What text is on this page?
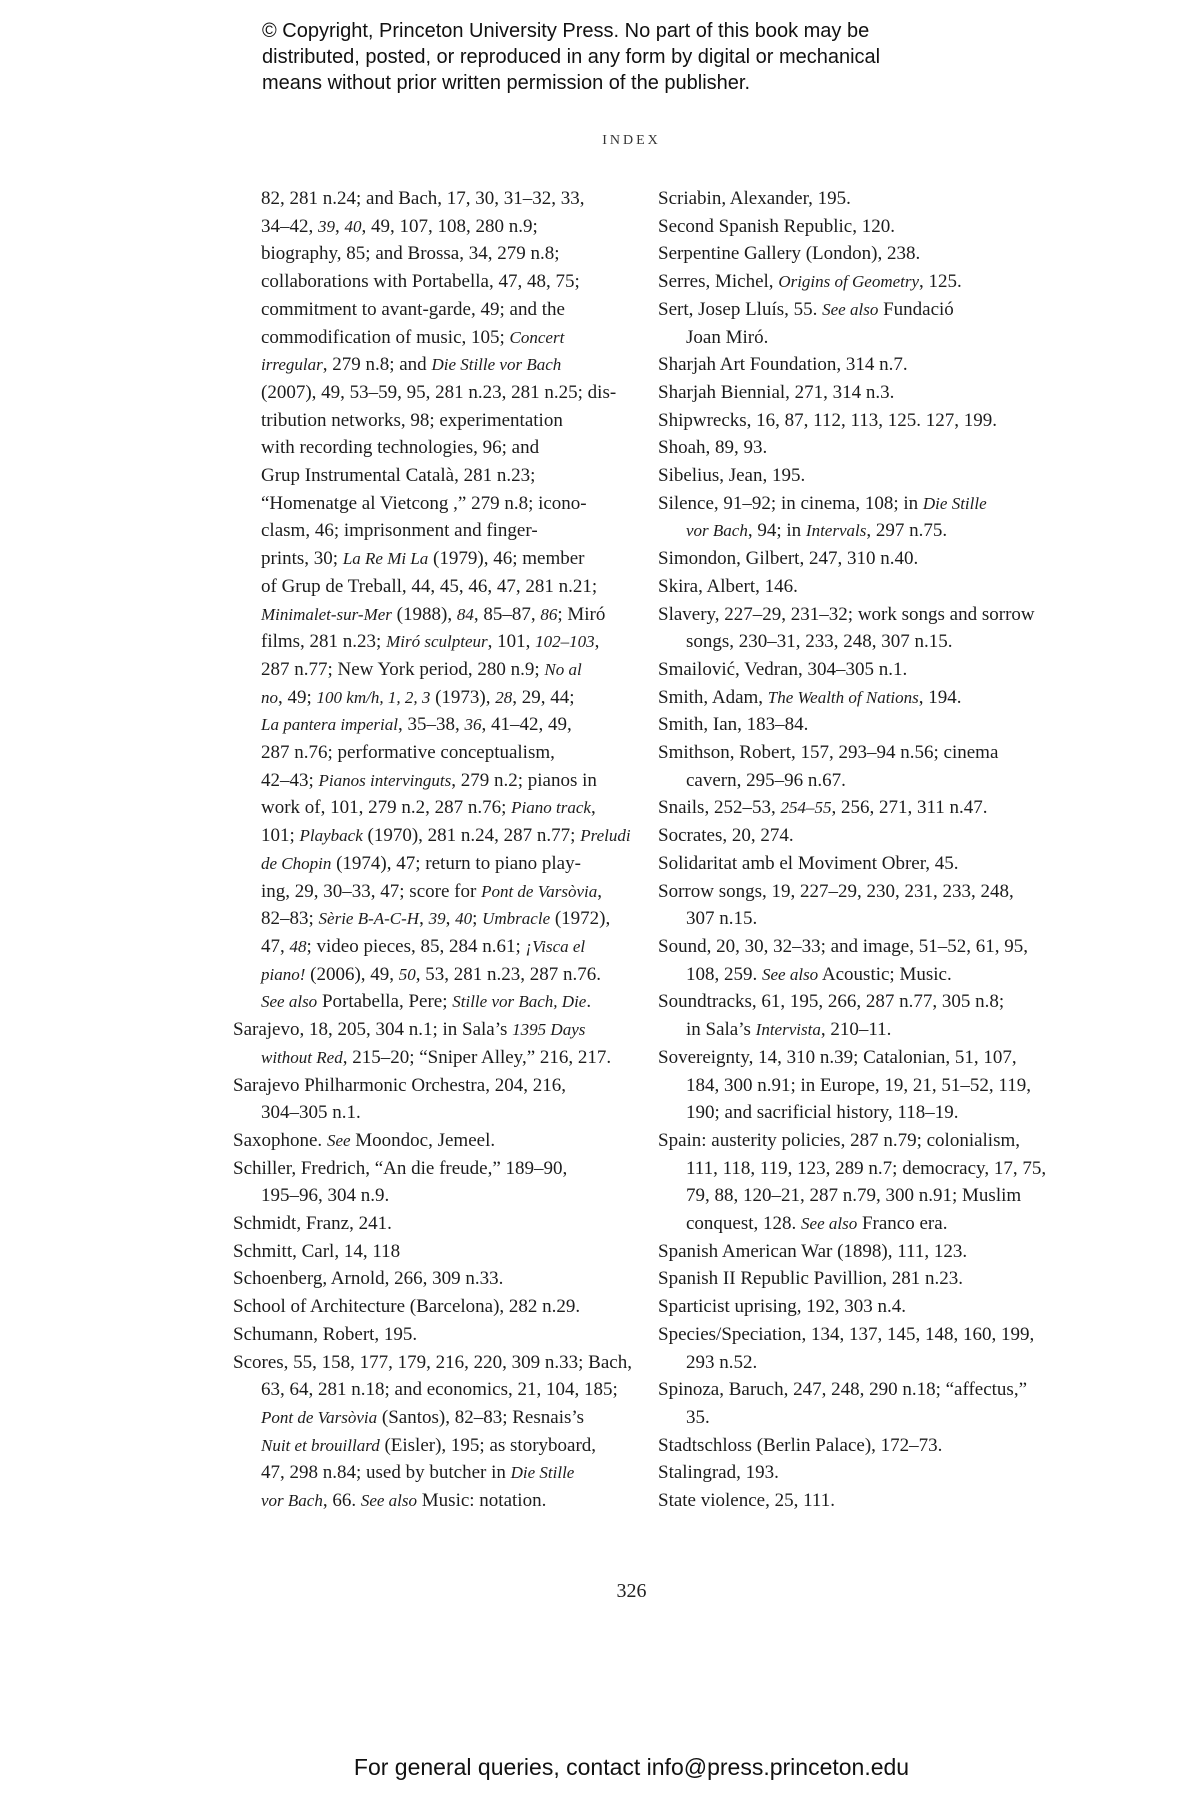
© Copyright, Princeton University Press. No part of this book may be
distributed, posted, or reproduced in any form by digital or mechanical
means without prior written permission of the publisher.
INDEX
82, 281 n.24; and Bach, 17, 30, 31–32, 33,
34–42, 39, 40, 49, 107, 108, 280 n.9;
biography, 85; and Brossa, 34, 279 n.8;
collaborations with Portabella, 47, 48, 75;
commitment to avant-garde, 49; and the
commodification of music, 105; Concert
irregular, 279 n.8; and Die Stille vor Bach
(2007), 49, 53–59, 95, 281 n.23, 281 n.25; dis-
tribution networks, 98; experimentation
with recording technologies, 96; and
Grup Instrumental Català, 281 n.23;
“Homenatge al Vietcong ,” 279 n.8; icono-
clasm, 46; imprisonment and finger-
prints, 30; La Re Mi La (1979), 46; member
of Grup de Treball, 44, 45, 46, 47, 281 n.21;
Minimalet-sur-Mer (1988), 84, 85–87, 86; Miró
films, 281 n.23; Miró sculpteur, 101, 102–103,
287 n.77; New York period, 280 n.9; No al
no, 49; 100 km/h, 1, 2, 3 (1973), 28, 29, 44;
La pantera imperial, 35–38, 36, 41–42, 49,
287 n.76; performative conceptualism,
42–43; Pianos intervinguts, 279 n.2; pianos in
work of, 101, 279 n.2, 287 n.76; Piano track,
101; Playback (1970), 281 n.24, 287 n.77; Preludi
de Chopin (1974), 47; return to piano play-
ing, 29, 30–33, 47; score for Pont de Varsòvia,
82–83; Sèrie B-A-C-H, 39, 40; Umbracle (1972),
47, 48; video pieces, 85, 284 n.61; ¡Visca el
piano! (2006), 49, 50, 53, 281 n.23, 287 n.76.
See also Portabella, Pere; Stille vor Bach, Die.
Sarajevo, 18, 205, 304 n.1; in Sala’s 1395 Days
without Red, 215–20; “Sniper Alley,” 216, 217.
Sarajevo Philharmonic Orchestra, 204, 216,
304–305 n.1.
Saxophone. See Moondoc, Jemeel.
Schiller, Fredrich, “An die freude,” 189–90,
195–96, 304 n.9.
Schmidt, Franz, 241.
Schmitt, Carl, 14, 118
Schoenberg, Arnold, 266, 309 n.33.
School of Architecture (Barcelona), 282 n.29.
Schumann, Robert, 195.
Scores, 55, 158, 177, 179, 216, 220, 309 n.33; Bach,
63, 64, 281 n.18; and economics, 21, 104, 185;
Pont de Varsòvia (Santos), 82–83; Resnais’s
Nuit et brouillard (Eisler), 195; as storyboard,
47, 298 n.84; used by butcher in Die Stille
vor Bach, 66. See also Music: notation.
Scriabin, Alexander, 195.
Second Spanish Republic, 120.
Serpentine Gallery (London), 238.
Serres, Michel, Origins of Geometry, 125.
Sert, Josep Lluís, 55. See also Fundació
Joan Miró.
Sharjah Art Foundation, 314 n.7.
Sharjah Biennial, 271, 314 n.3.
Shipwrecks, 16, 87, 112, 113, 125. 127, 199.
Shoah, 89, 93.
Sibelius, Jean, 195.
Silence, 91–92; in cinema, 108; in Die Stille
vor Bach, 94; in Intervals, 297 n.75.
Simondon, Gilbert, 247, 310 n.40.
Skira, Albert, 146.
Slavery, 227–29, 231–32; work songs and sorrow
songs, 230–31, 233, 248, 307 n.15.
Smailović, Vedran, 304–305 n.1.
Smith, Adam, The Wealth of Nations, 194.
Smith, Ian, 183–84.
Smithson, Robert, 157, 293–94 n.56; cinema
cavern, 295–96 n.67.
Snails, 252–53, 254–55, 256, 271, 311 n.47.
Socrates, 20, 274.
Solidaritat amb el Moviment Obrer, 45.
Sorrow songs, 19, 227–29, 230, 231, 233, 248,
307 n.15.
Sound, 20, 30, 32–33; and image, 51–52, 61, 95,
108, 259. See also Acoustic; Music.
Soundtracks, 61, 195, 266, 287 n.77, 305 n.8;
in Sala’s Intervista, 210–11.
Sovereignty, 14, 310 n.39; Catalonian, 51, 107,
184, 300 n.91; in Europe, 19, 21, 51–52, 119,
190; and sacrificial history, 118–19.
Spain: austerity policies, 287 n.79; colonialism,
111, 118, 119, 123, 289 n.7; democracy, 17, 75,
79, 88, 120–21, 287 n.79, 300 n.91; Muslim
conquest, 128. See also Franco era.
Spanish American War (1898), 111, 123.
Spanish II Republic Pavillion, 281 n.23.
Sparticist uprising, 192, 303 n.4.
Species/Speciation, 134, 137, 145, 148, 160, 199,
293 n.52.
Spinoza, Baruch, 247, 248, 290 n.18; “affectus,”
35.
Stadtschloss (Berlin Palace), 172–73.
Stalingrad, 193.
State violence, 25, 111.
326
For general queries, contact info@press.princeton.edu
